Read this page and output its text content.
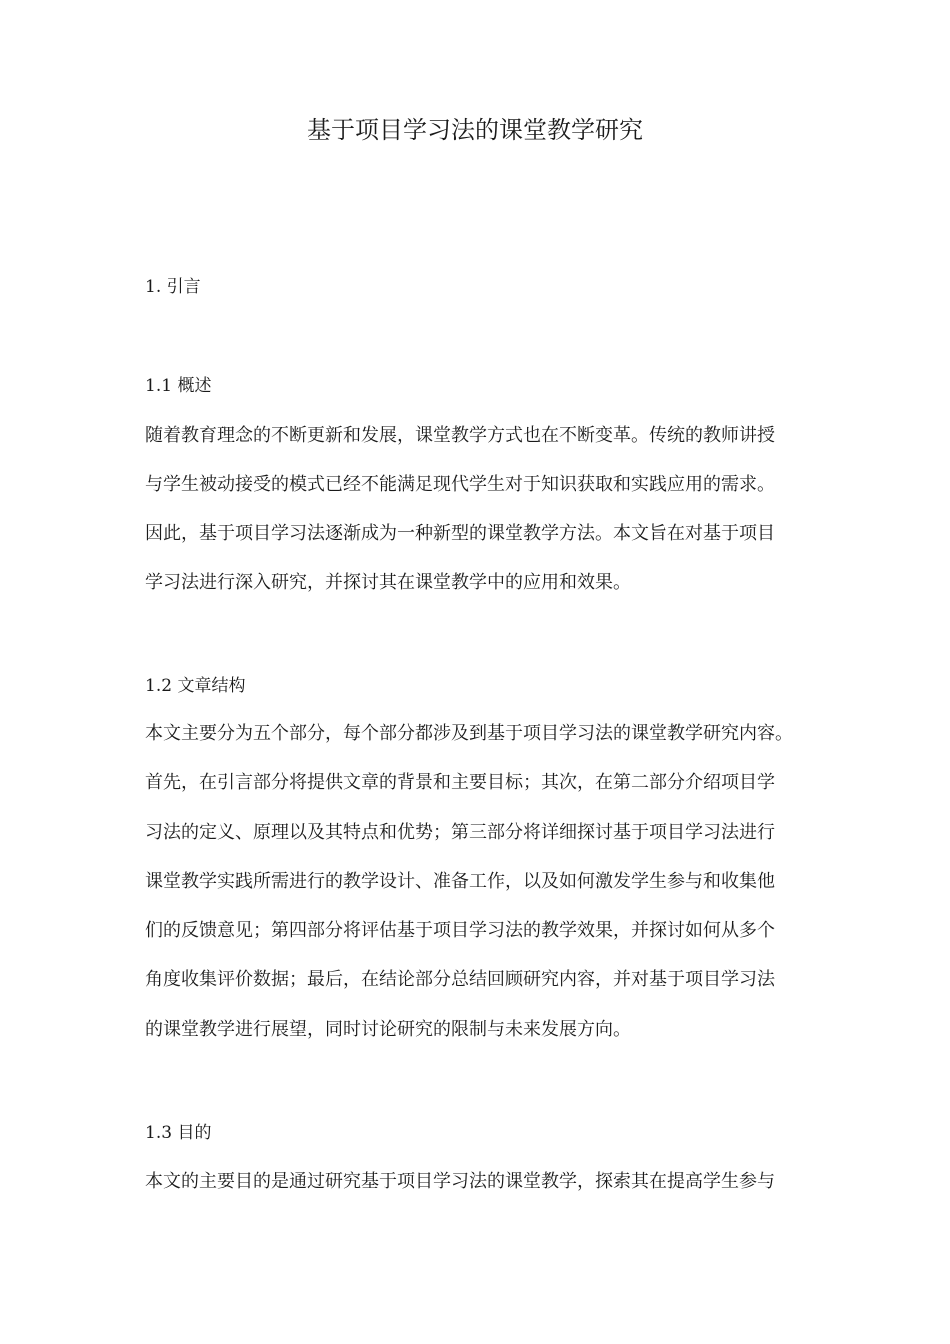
基于项目学习法的课堂教学研究
1. 引言
1.1 概述
随着教育理念的不断更新和发展，课堂教学方式也在不断变革。传统的教师讲授
与学生被动接受的模式已经不能满足现代学生对于知识获取和实践应用的需求。
因此，基于项目学习法逐渐成为一种新型的课堂教学方法。本文旨在对基于项目
学习法进行深入研究，并探讨其在课堂教学中的应用和效果。
1.2 文章结构
本文主要分为五个部分，每个部分都涉及到基于项目学习法的课堂教学研究内容。
首先，在引言部分将提供文章的背景和主要目标；其次，在第二部分介绍项目学
习法的定义、原理以及其特点和优势；第三部分将详细探讨基于项目学习法进行
课堂教学实践所需进行的教学设计、准备工作，以及如何激发学生参与和收集他
们的反馈意见；第四部分将评估基于项目学习法的教学效果，并探讨如何从多个
角度收集评价数据；最后，在结论部分总结回顾研究内容，并对基于项目学习法
的课堂教学进行展望，同时讨论研究的限制与未来发展方向。
1.3 目的
本文的主要目的是通过研究基于项目学习法的课堂教学，探索其在提高学生参与
